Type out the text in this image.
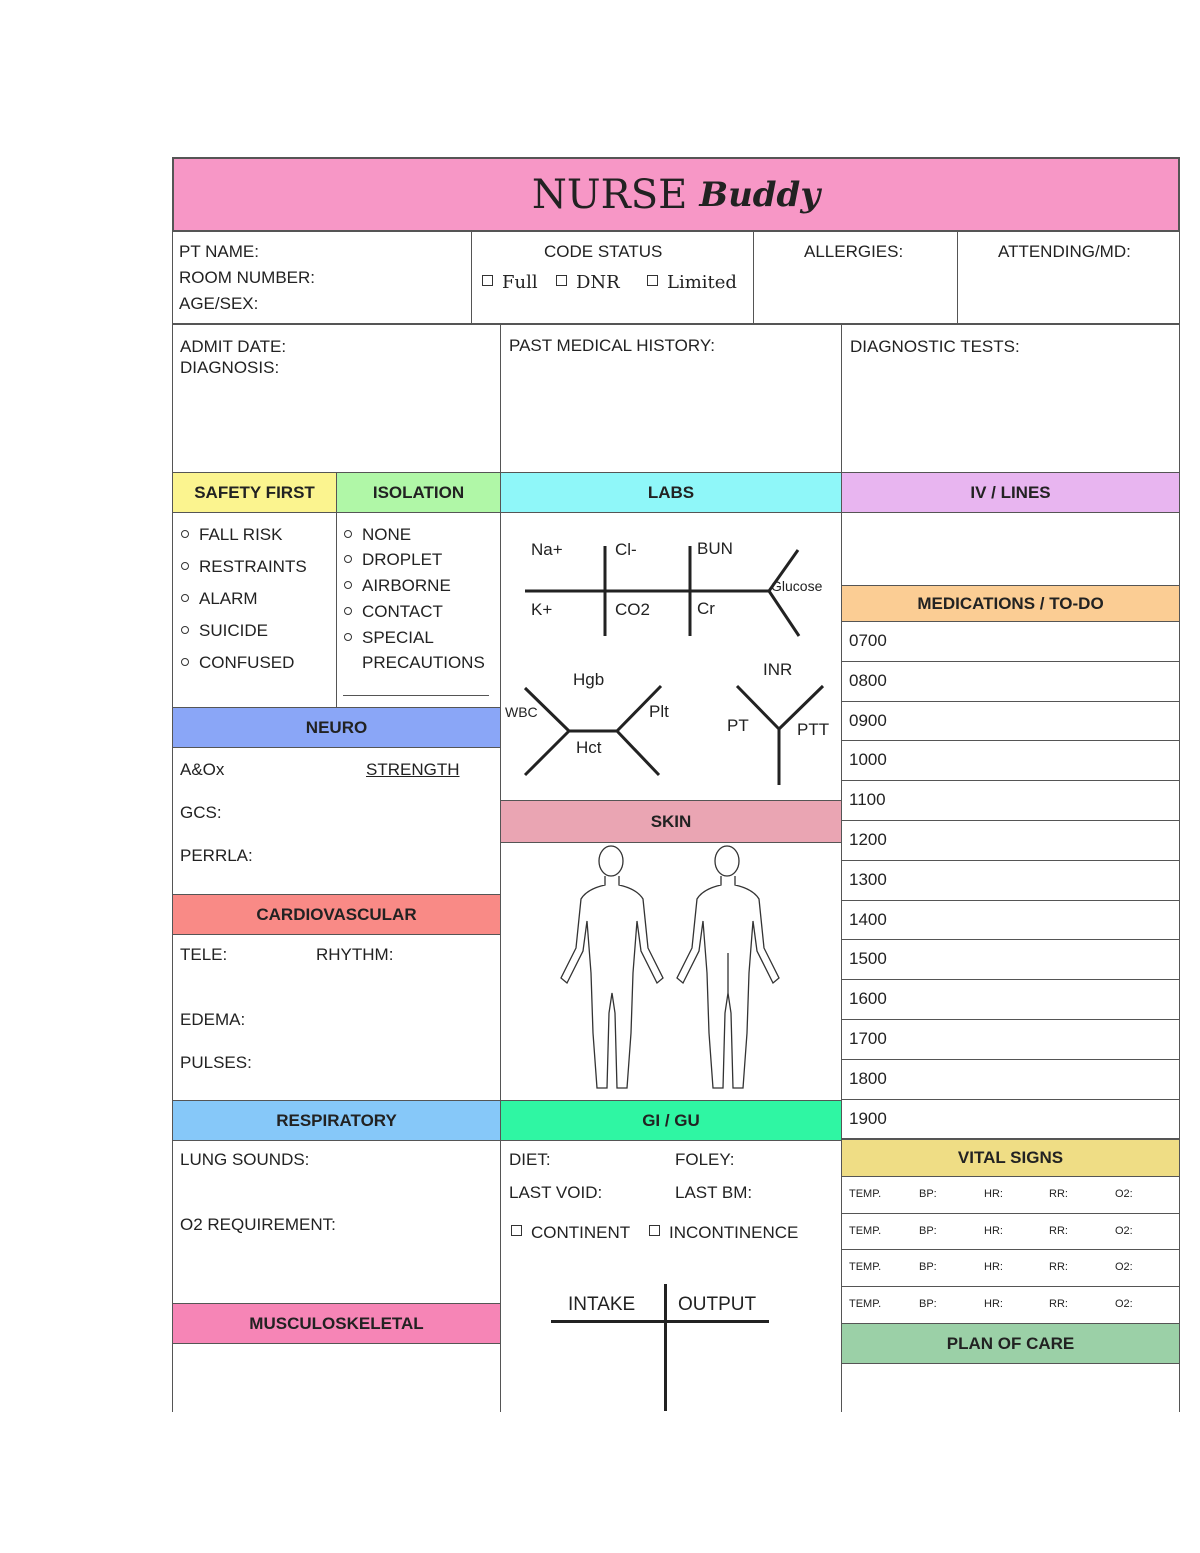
NURSE Buddy
PT NAME:
ROOM NUMBER:
AGE/SEX:
CODE STATUS
Full	DNR	Limited
ALLERGIES:	ATTENDING/MD:
ADMIT DATE:
DIAGNOSIS:
PAST MEDICAL HISTORY:	DIAGNOSTIC TESTS:
SAFETY FIRST	ISOLATION
FALL RISK
RESTRAINTS
ALARM
SUICIDE
CONFUSED
NONE
DROPLET
AIRBORNE
CONTACT
SPECIAL
PRECAUTIONS
LABS
Na+	Cl-	BUN
Glucose
K+	CO2	Cr
Hgb
WBC	Plt
Hct
INR
PT	PTT
IV / LINES
MEDICATIONS / TO-DO
0700
0800
0900
1000
1100
1200
1300
1400
1500
1600
1700
1800
1900
NEURO
A&Ox	STRENGTH
GCS:
PERRLA:
SKIN
CARDIOVASCULAR
TELE:	RHYTHM:
EDEMA:
PULSES:
RESPIRATORY
LUNG SOUNDS:
O2 REQUIREMENT:
GI / GU
DIET:	FOLEY:
LAST VOID:	LAST BM:
CONTINENT	INCONTINENCE
INTAKE OUTPUT
VITAL SIGNS
TEMP.	BP:	HR:	RR:	O2:
TEMP.	BP:	HR:	RR:	O2:
TEMP.	BP:	HR:	RR:	O2:
TEMP.	BP:	HR:	RR:	O2:
MUSCULOSKELETAL
PLAN OF CARE
